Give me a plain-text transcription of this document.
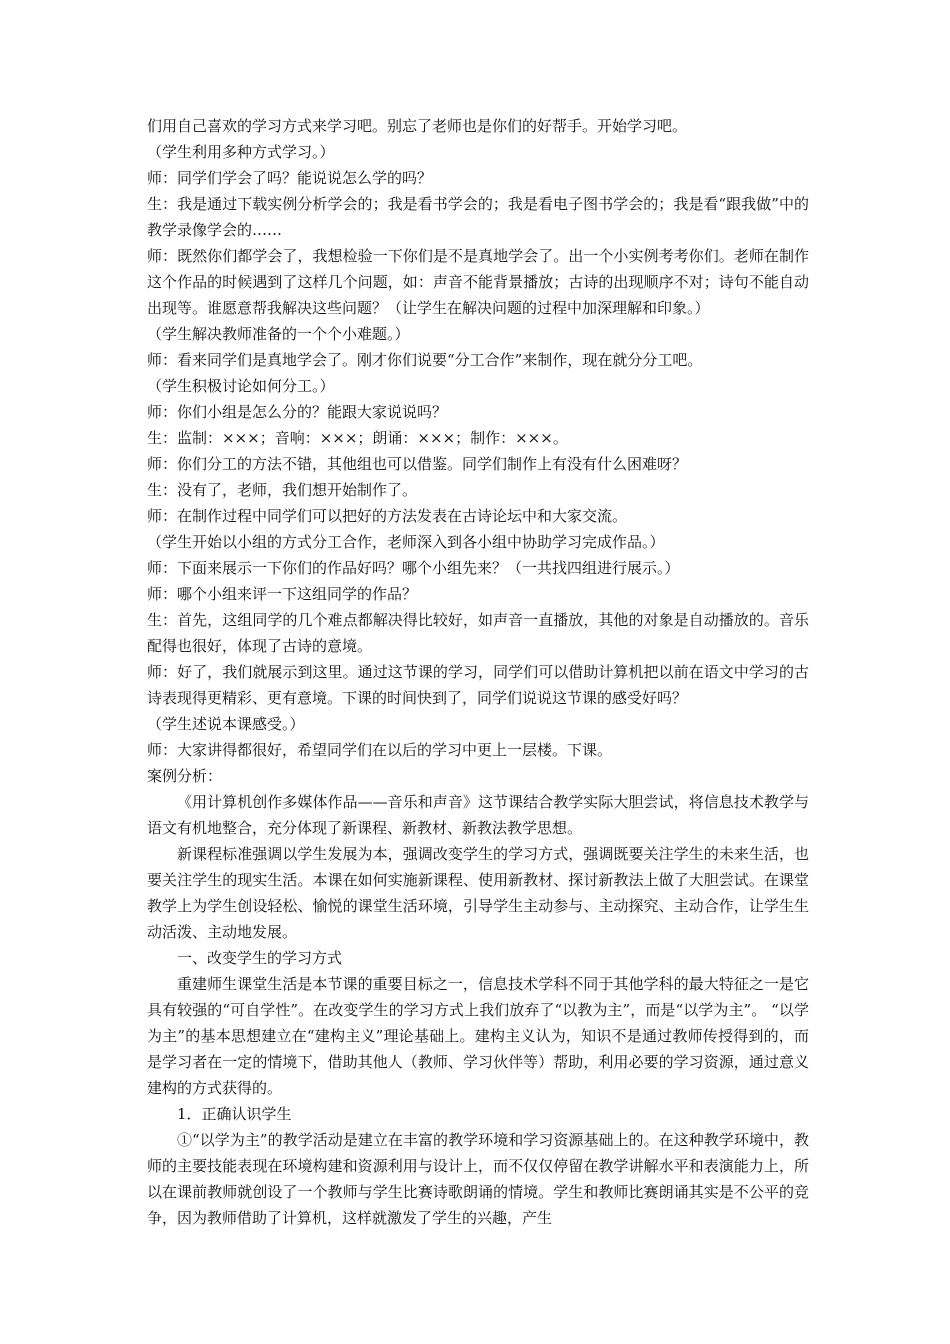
们用自己喜欢的学习方式来学习吧。别忘了老师也是你们的好帮手。开始学习吧。

（学生利用多种方式学习。）

师：同学们学会了吗？能说说怎么学的吗？

生：我是通过下载实例分析学会的；我是看书学会的；我是看电子图书学会的；我是看“跟我做”中的教学录像学会的……

师：既然你们都学会了，我想检验一下你们是不是真地学会了。出一个小实例考考你们。老师在制作这个作品的时候遇到了这样几个问题，如：声音不能背景播放；古诗的出现顺序不对；诗句不能自动出现等。谁愿意帮我解决这些问题？（让学生在解决问题的过程中加深理解和印象。）

（学生解决教师准备的一个个小难题。）

师：看来同学们是真地学会了。刚才你们说要“分工合作”来制作，现在就分分工吧。

（学生积极讨论如何分工。）

师：你们小组是怎么分的？能跟大家说说吗？

生：监制：×××；音响：×××；朗诵：×××；制作：×××。

师：你们分工的方法不错，其他组也可以借鉴。同学们制作上有没有什么困难呀？

生：没有了，老师，我们想开始制作了。

师：在制作过程中同学们可以把好的方法发表在古诗论坛中和大家交流。

（学生开始以小组的方式分工合作，老师深入到各小组中协助学习完成作品。）

师：下面来展示一下你们的作品好吗？哪个小组先来？（一共找四组进行展示。）

师：哪个小组来评一下这组同学的作品？

生：首先，这组同学的几个难点都解决得比较好，如声音一直播放，其他的对象是自动播放的。音乐配得也很好，体现了古诗的意境。

师：好了，我们就展示到这里。通过这节课的学习，同学们可以借助计算机把以前在语文中学习的古诗表现得更精彩、更有意境。下课的时间快到了，同学们说说这节课的感受好吗？

（学生述说本课感受。）

师：大家讲得都很好，希望同学们在以后的学习中更上一层楼。下课。

案例分析：

《用计算机创作多媒体作品——音乐和声音》这节课结合教学实际大胆尝试，将信息技术教学与语文有机地整合，充分体现了新课程、新教材、新教法教学思想。

新课程标准强调以学生发展为本，强调改变学生的学习方式，强调既要关注学生的未来生活，也要关注学生的现实生活。本课在如何实施新课程、使用新教材、探讨新教法上做了大胆尝试。在课堂教学上为学生创设轻松、愉悦的课堂生活环境，引导学生主动参与、主动探究、主动合作，让学生生动活泼、主动地发展。

一、改变学生的学习方式

重建师生课堂生活是本节课的重要目标之一，信息技术学科不同于其他学科的最大特征之一是它具有较强的“可自学性”。在改变学生的学习方式上我们放弃了“以教为主”，而是“以学为主”。 “以学为主”的基本思想建立在“建构主义”理论基础上。建构主义认为，知识不是通过教师传授得到的，而是学习者在一定的情境下，借助其他人（教师、学习伙伴等）帮助，利用必要的学习资源，通过意义建构的方式获得的。

1．正确认识学生

①“以学为主”的教学活动是建立在丰富的教学环境和学习资源基础上的。在这种教学环境中，教师的主要技能表现在环境构建和资源利用与设计上，而不仅仅停留在教学讲解水平和表演能力上，所以在课前教师就创设了一个教师与学生比赛诗歌朗诵的情境。学生和教师比赛朗诵其实是不公平的竞争，因为教师借助了计算机，这样就激发了学生的兴趣，产生
